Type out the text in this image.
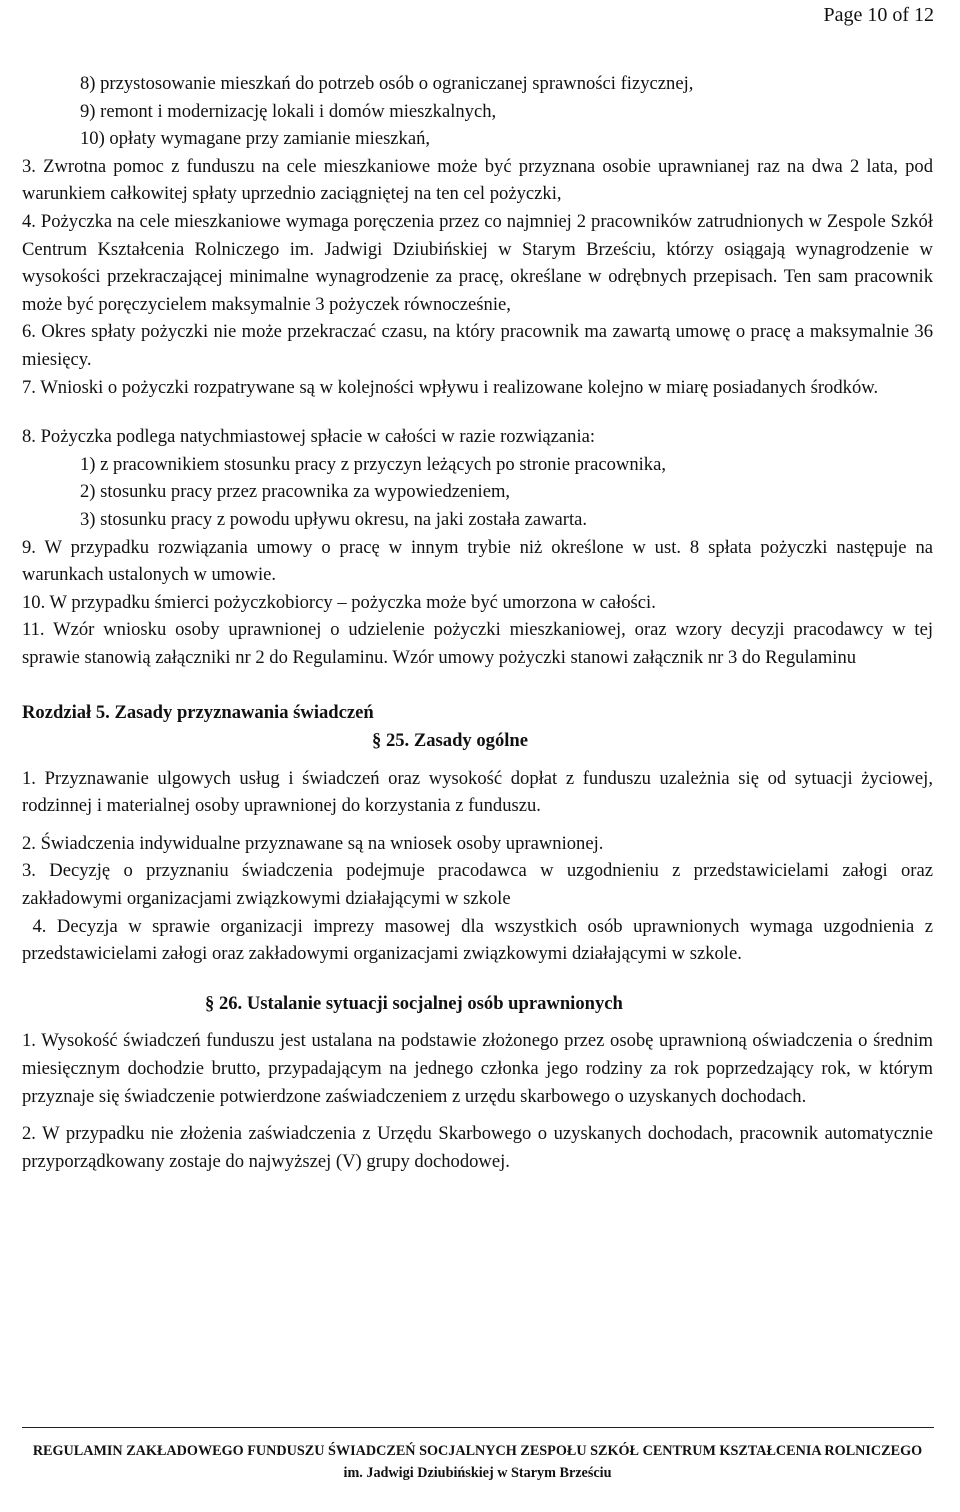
Page 10 of 12

8) przystosowanie mieszkań do potrzeb osób o ograniczanej sprawności fizycznej,

9) remont i modernizację lokali i domów mieszkalnych,

10) opłaty wymagane przy zamianie mieszkań,

3. Zwrotna pomoc z funduszu na cele mieszkaniowe może być przyznana osobie uprawnianej raz na dwa 2 lata, pod warunkiem całkowitej spłaty uprzednio zaciągniętej na ten cel pożyczki,

4. Pożyczka na cele mieszkaniowe wymaga poręczenia przez co najmniej 2 pracowników zatrudnionych w Zespole Szkół Centrum Kształcenia Rolniczego im. Jadwigi Dziubińskiej w Starym Brześciu, którzy osiągają wynagrodzenie w wysokości przekraczającej minimalne wynagrodzenie za pracę, określane w odrębnych przepisach. Ten sam pracownik może być poręczycielem maksymalnie 3 pożyczek równocześnie,

6. Okres spłaty pożyczki nie może przekraczać czasu, na który pracownik ma zawartą umowę o pracę a maksymalnie 36 miesięcy.

7. Wnioski o pożyczki rozpatrywane są w kolejności wpływu i realizowane kolejno w miarę posiadanych środków.

8. Pożyczka podlega natychmiastowej spłacie w całości w razie rozwiązania:

1) z pracownikiem stosunku pracy z przyczyn leżących po stronie pracownika,

2) stosunku pracy przez pracownika za wypowiedzeniem,

3) stosunku pracy z powodu upływu okresu, na jaki została zawarta.

9. W przypadku rozwiązania umowy o pracę w innym trybie niż określone w ust. 8 spłata pożyczki następuje na warunkach ustalonych w umowie.

10. W przypadku śmierci pożyczkobiorcy – pożyczka może być umorzona w całości.

11. Wzór wniosku osoby uprawnionej o udzielenie pożyczki mieszkaniowej, oraz wzory decyzji pracodawcy w tej sprawie stanowią załączniki nr 2 do Regulaminu. Wzór umowy pożyczki stanowi załącznik nr 3 do Regulaminu

Rozdział 5. Zasady przyznawania świadczeń

§ 25. Zasady ogólne

1. Przyznawanie ulgowych usług i świadczeń oraz wysokość dopłat z funduszu uzależnia się od sytuacji życiowej, rodzinnej i materialnej osoby uprawnionej do korzystania z funduszu.

2. Świadczenia indywidualne przyznawane są na wniosek osoby uprawnionej.

3. Decyzję o przyznaniu świadczenia podejmuje pracodawca w uzgodnieniu z przedstawicielami załogi oraz zakładowymi organizacjami związkowymi działającymi w szkole

4. Decyzja w sprawie organizacji imprezy masowej dla wszystkich osób uprawnionych wymaga uzgodnienia z przedstawicielami załogi oraz zakładowymi organizacjami związkowymi działającymi w szkole.

§ 26. Ustalanie sytuacji socjalnej osób uprawnionych

1. Wysokość świadczeń funduszu jest ustalana na podstawie złożonego przez osobę uprawnioną oświadczenia o średnim miesięcznym dochodzie brutto, przypadającym na jednego członka jego rodziny za rok poprzedzający rok, w którym przyznaje się świadczenie potwierdzone zaświadczeniem z urzędu skarbowego o uzyskanych dochodach.

2. W przypadku nie złożenia zaświadczenia z Urzędu Skarbowego o uzyskanych dochodach, pracownik automatycznie przyporządkowany zostaje do najwyższej (V) grupy dochodowej.

REGULAMIN ZAKŁADOWEGO FUNDUSZU ŚWIADCZEŃ SOCJALNYCH ZESPOŁU SZKÓŁ CENTRUM KSZTAŁCENIA ROLNICZEGO
im. Jadwigi Dziubińskiej w Starym Brześciu
